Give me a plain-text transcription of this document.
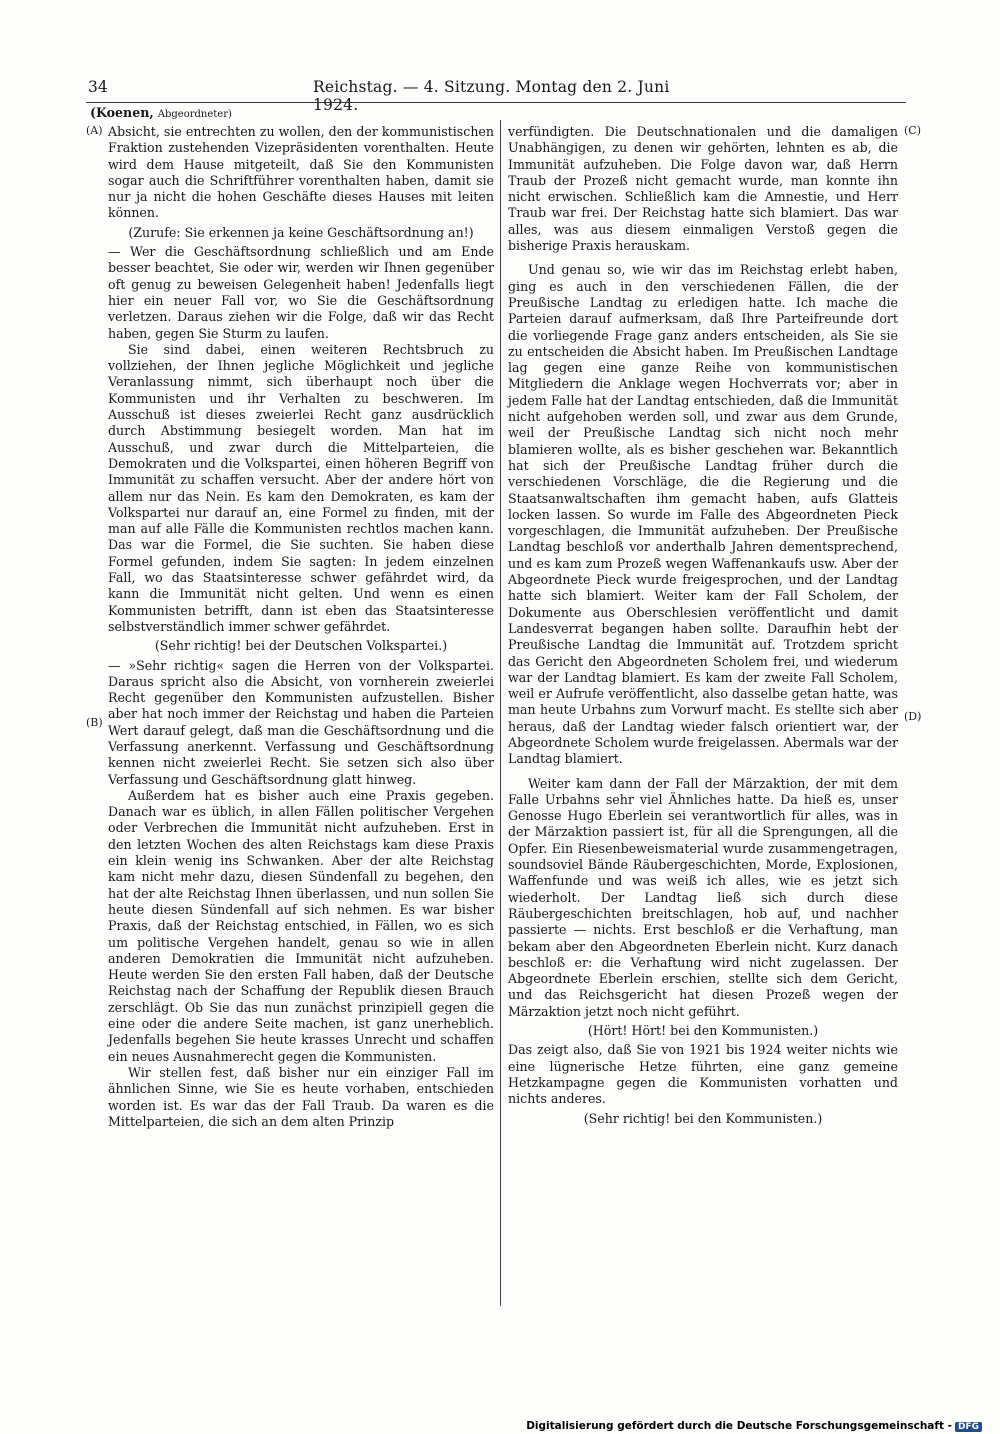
34	Reichstag. — 4. Sitzung. Montag den 2. Juni 1924.
(Koenen, Abgeordneter)
(A)
(B)
(C)
(D)

Absicht, sie entrechten zu wollen, den der kommunistischen Fraktion zustehenden Vizepräsidenten vorenthalten. Heute wird dem Hause mitgeteilt, daß Sie den Kommunisten sogar auch die Schriftführer vorenthalten haben, damit sie nur ja nicht die hohen Geschäfte dieses Hauses mit leiten können.

(Zurufe: Sie erkennen ja keine Geschäftsordnung an!)

— Wer die Geschäftsordnung schließlich und am Ende besser beachtet, Sie oder wir, werden wir Ihnen gegenüber oft genug zu beweisen Gelegenheit haben! Jedenfalls liegt hier ein neuer Fall vor, wo Sie die Geschäftsordnung verletzen. Daraus ziehen wir die Folge, daß wir das Recht haben, gegen Sie Sturm zu laufen.

Sie sind dabei, einen weiteren Rechtsbruch zu vollziehen, der Ihnen jegliche Möglichkeit und jegliche Veranlassung nimmt, sich überhaupt noch über die Kommunisten und ihr Verhalten zu beschweren. Im Ausschuß ist dieses zweierlei Recht ganz ausdrücklich durch Abstimmung besiegelt worden. Man hat im Ausschuß, und zwar durch die Mittelparteien, die Demokraten und die Volkspartei, einen höheren Begriff von Immunität zu schaffen versucht. Aber der andere hört von allem nur das Nein. Es kam den Demokraten, es kam der Volkspartei nur darauf an, eine Formel zu finden, mit der man auf alle Fälle die Kommunisten rechtlos machen kann. Das war die Formel, die Sie suchten. Sie haben diese Formel gefunden, indem Sie sagten: In jedem einzelnen Fall, wo das Staatsinteresse schwer gefährdet wird, da kann die Immunität nicht gelten. Und wenn es einen Kommunisten betrifft, dann ist eben das Staatsinteresse selbstverständlich immer schwer gefährdet.

(Sehr richtig! bei der Deutschen Volkspartei.)

— »Sehr richtig« sagen die Herren von der Volkspartei. Daraus spricht also die Absicht, von vornherein zweierlei Recht gegenüber den Kommunisten aufzustellen. Bisher aber hat noch immer der Reichstag und haben die Parteien Wert darauf gelegt, daß man die Geschäftsordnung und die Verfassung anerkennt. Verfassung und Geschäftsordnung kennen nicht zweierlei Recht. Sie setzen sich also über Verfassung und Geschäftsordnung glatt hinweg.

Außerdem hat es bisher auch eine Praxis gegeben. Danach war es üblich, in allen Fällen politischer Vergehen oder Verbrechen die Immunität nicht aufzuheben. Erst in den letzten Wochen des alten Reichstags kam diese Praxis ein klein wenig ins Schwanken. Aber der alte Reichstag kam nicht mehr dazu, diesen Sündenfall zu begehen, den hat der alte Reichstag Ihnen überlassen, und nun sollen Sie heute diesen Sündenfall auf sich nehmen. Es war bisher Praxis, daß der Reichstag entschied, in Fällen, wo es sich um politische Vergehen handelt, genau so wie in allen anderen Demokratien die Immunität nicht aufzuheben. Heute werden Sie den ersten Fall haben, daß der Deutsche Reichstag nach der Schaffung der Republik diesen Brauch zerschlägt. Ob Sie das nun zunächst prinzipiell gegen die eine oder die andere Seite machen, ist ganz unerheblich. Jedenfalls begehen Sie heute krasses Unrecht und schaffen ein neues Ausnahmerecht gegen die Kommunisten.

Wir stellen fest, daß bisher nur ein einziger Fall im ähnlichen Sinne, wie Sie es heute vorhaben, entschieden worden ist. Es war das der Fall Traub. Da waren es die Mittelparteien, die sich an dem alten Prinzip

verfündigten. Die Deutschnationalen und die damaligen Unabhängigen, zu denen wir gehörten, lehnten es ab, die Immunität aufzuheben. Die Folge davon war, daß Herrn Traub der Prozeß nicht gemacht wurde, man konnte ihn nicht erwischen. Schließlich kam die Amnestie, und Herr Traub war frei. Der Reichstag hatte sich blamiert. Das war alles, was aus diesem einmaligen Verstoß gegen die bisherige Praxis herauskam.

Und genau so, wie wir das im Reichstag erlebt haben, ging es auch in den verschiedenen Fällen, die der Preußische Landtag zu erledigen hatte. Ich mache die Parteien darauf aufmerksam, daß Ihre Parteifreunde dort die vorliegende Frage ganz anders entscheiden, als Sie sie zu entscheiden die Absicht haben. Im Preußischen Landtage lag gegen eine ganze Reihe von kommunistischen Mitgliedern die Anklage wegen Hochverrats vor; aber in jedem Falle hat der Landtag entschieden, daß die Immunität nicht aufgehoben werden soll, und zwar aus dem Grunde, weil der Preußische Landtag sich nicht noch mehr blamieren wollte, als es bisher geschehen war. Bekanntlich hat sich der Preußische Landtag früher durch die verschiedenen Vorschläge, die die Regierung und die Staatsanwaltschaften ihm gemacht haben, aufs Glatteis locken lassen. So wurde im Falle des Abgeordneten Pieck vorgeschlagen, die Immunität aufzuheben. Der Preußische Landtag beschloß vor anderthalb Jahren dementsprechend, und es kam zum Prozeß wegen Waffenankaufs usw. Aber der Abgeordnete Pieck wurde freigesprochen, und der Landtag hatte sich blamiert. Weiter kam der Fall Scholem, der Dokumente aus Oberschlesien veröffentlicht und damit Landesverrat begangen haben sollte. Daraufhin hebt der Preußische Landtag die Immunität auf. Trotzdem spricht das Gericht den Abgeordneten Scholem frei, und wiederum war der Landtag blamiert. Es kam der zweite Fall Scholem, weil er Aufrufe veröffentlicht, also dasselbe getan hatte, was man heute Urbahns zum Vorwurf macht. Es stellte sich aber heraus, daß der Landtag wieder falsch orientiert war, der Abgeordnete Scholem wurde freigelassen. Abermals war der Landtag blamiert.

Weiter kam dann der Fall der Märzaktion, der mit dem Falle Urbahns sehr viel Ähnliches hatte. Da hieß es, unser Genosse Hugo Eberlein sei verantwortlich für alles, was in der Märzaktion passiert ist, für all die Sprengungen, all die Opfer. Ein Riesenbeweismaterial wurde zusammengetragen, soundsoviel Bände Räubergeschichten, Morde, Explosionen, Waffenfunde und was weiß ich alles, wie es jetzt sich wiederholt. Der Landtag ließ sich durch diese Räubergeschichten breitschlagen, hob auf, und nachher passierte — nichts. Erst beschloß er die Verhaftung, man bekam aber den Abgeordneten Eberlein nicht. Kurz danach beschloß er: die Verhaftung wird nicht zugelassen. Der Abgeordnete Eberlein erschien, stellte sich dem Gericht, und das Reichsgericht hat diesen Prozeß wegen der Märzaktion jetzt noch nicht geführt.

(Hört! Hört! bei den Kommunisten.)

Das zeigt also, daß Sie von 1921 bis 1924 weiter nichts wie eine lügnerische Hetze führten, eine ganz gemeine Hetzkampagne gegen die Kommunisten vorhatten und nichts anderes.

(Sehr richtig! bei den Kommunisten.)

Digitalisierung gefördert durch die Deutsche Forschungsgemeinschaft - DFG
